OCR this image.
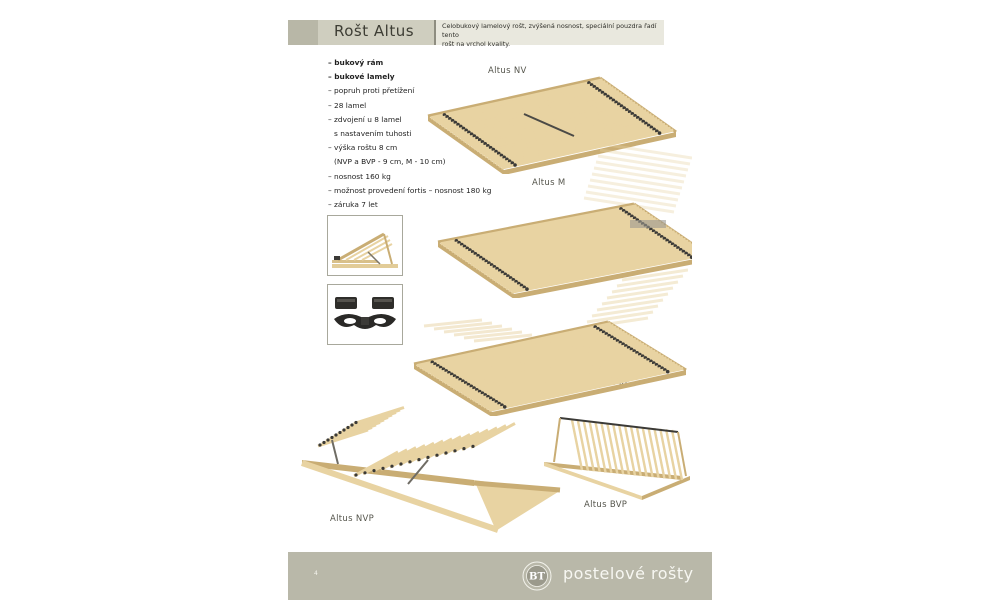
Rošt Altus	Celobukový lamelový rošt, zvýšená nosnost, speciální pouzdra řadí tento
rošt na vrchol kvality.
– bukový rám
– bukové lamely
– popruh proti přetížení
– 28 lamel
– zdvojení u 8 lamel
s nastavením tuhosti
– výška roštu 8 cm
(NVP a BVP - 9 cm, M - 10 cm)
– nosnost 160 kg
– možnost provedení fortis – nosnost 180 kg
– záruka 7 let
Altus NV
Altus M
Altus NVP
Altus BVP
4	BT postelové rošty
